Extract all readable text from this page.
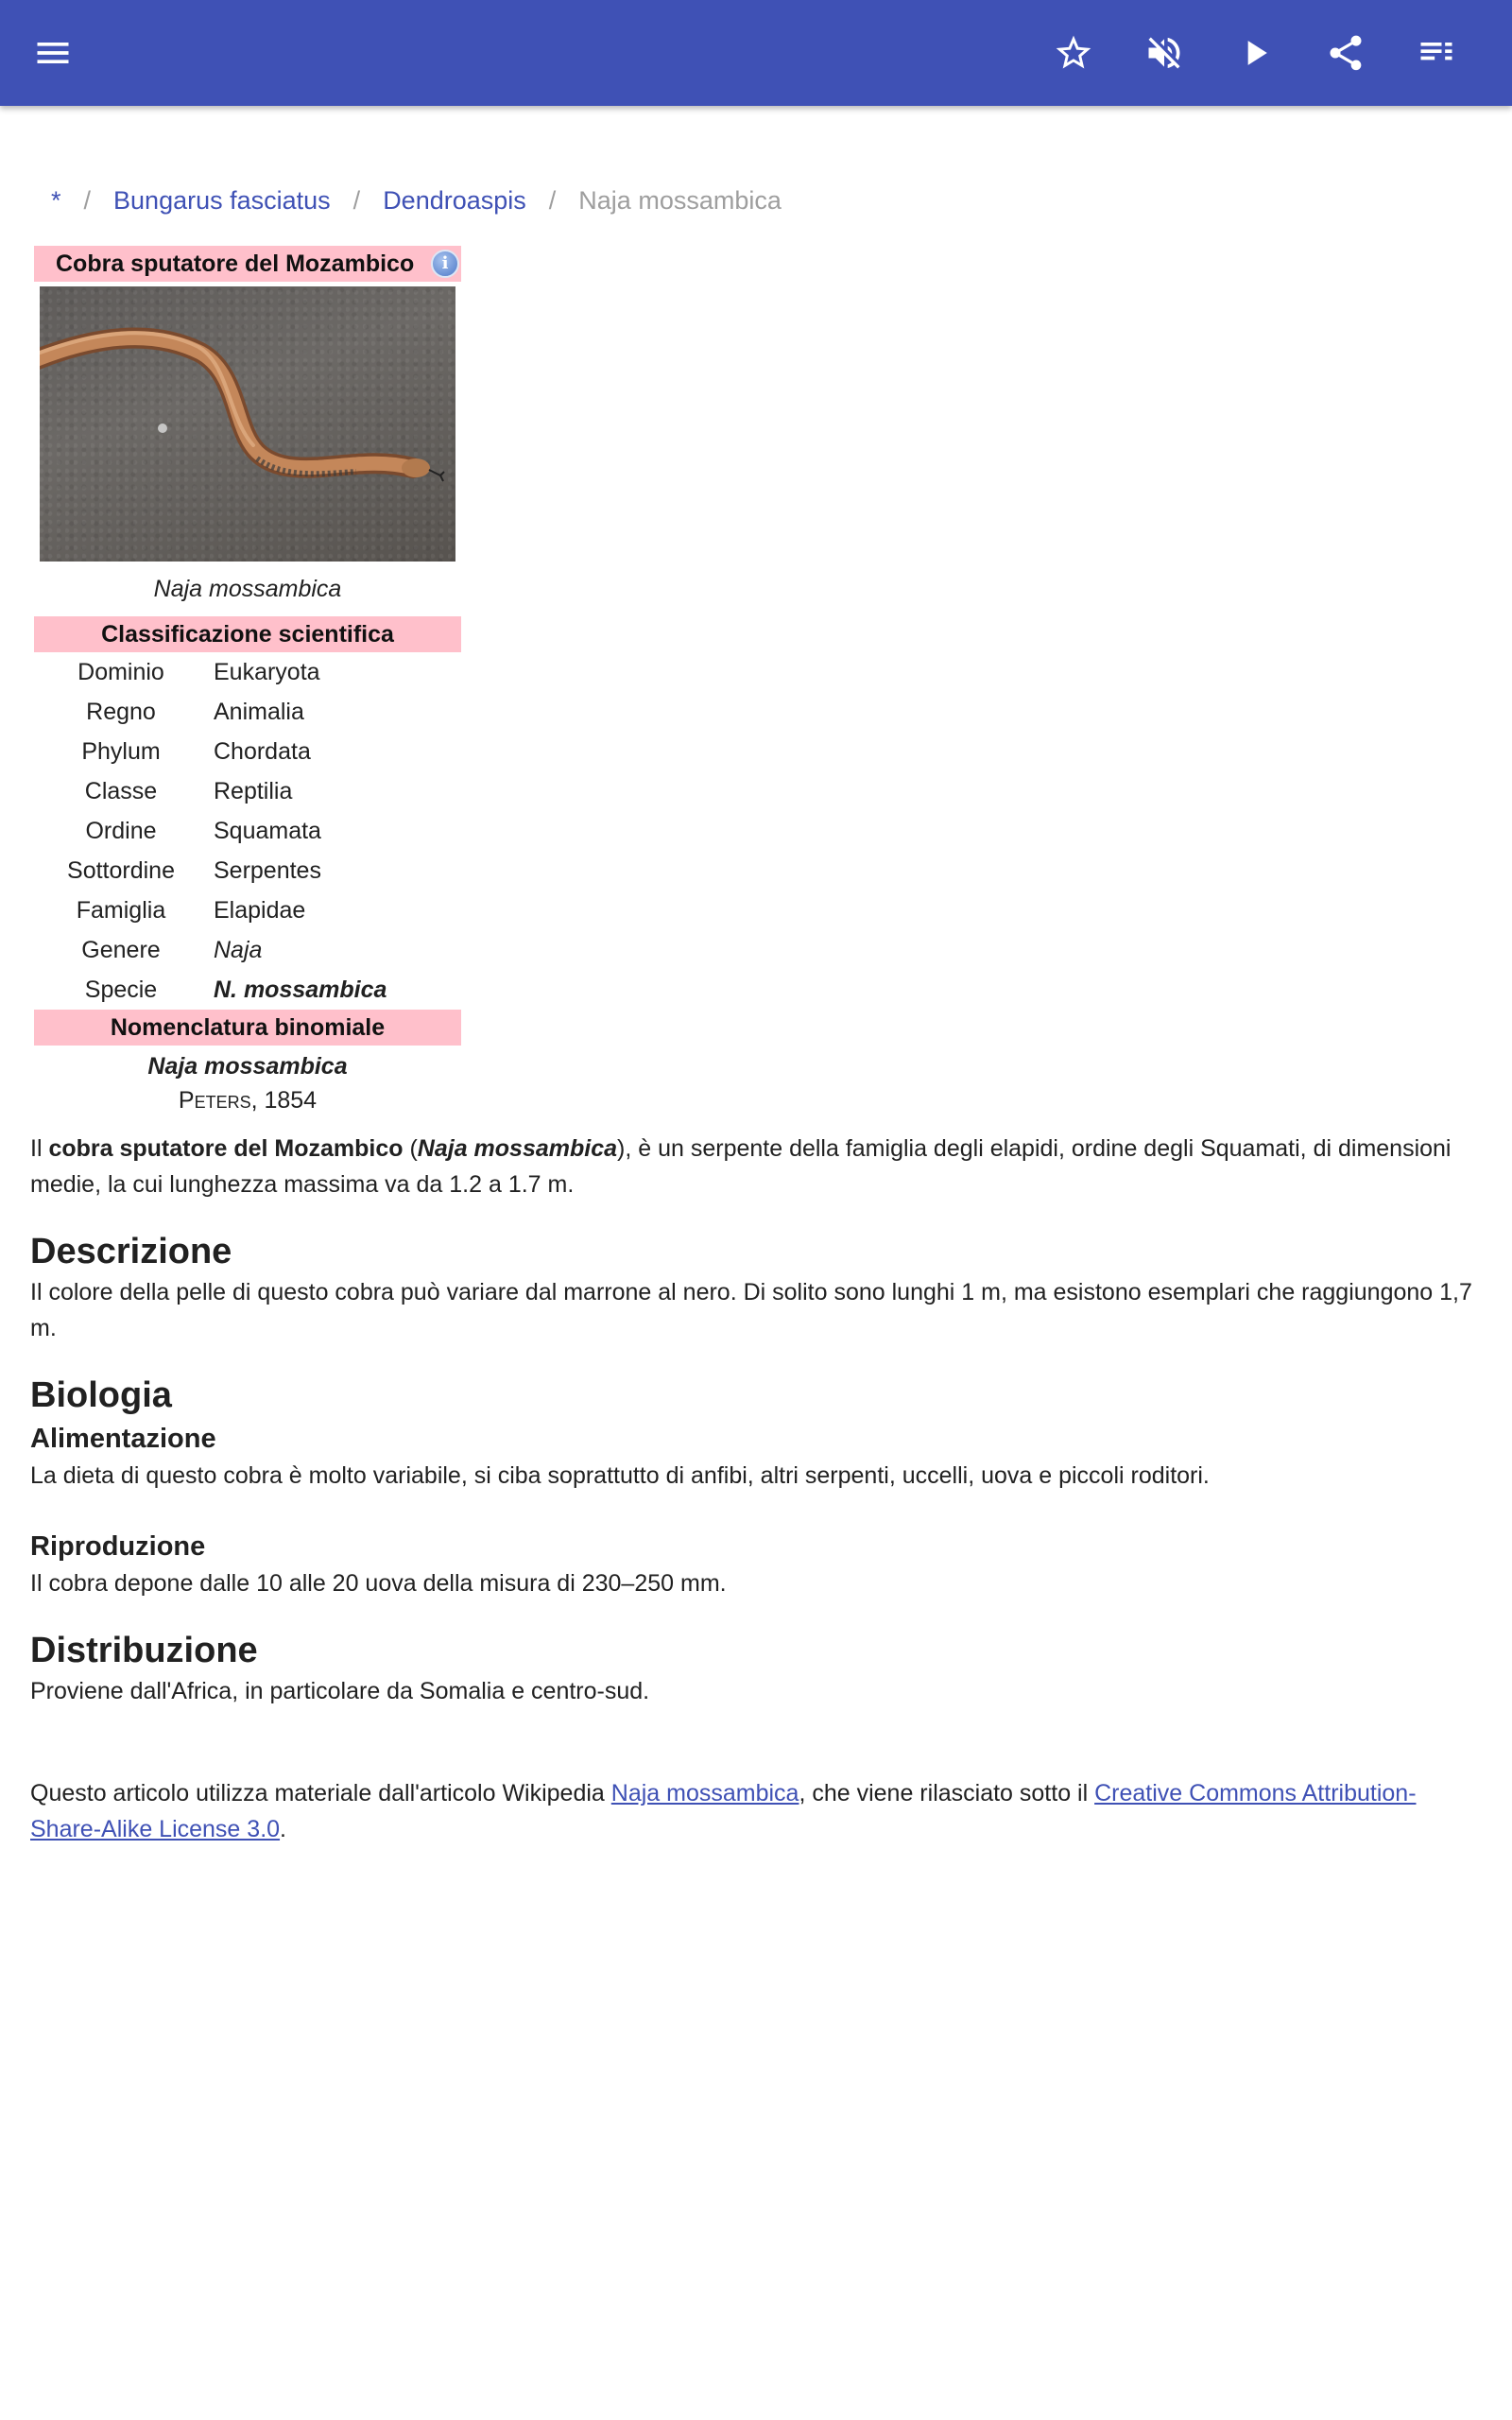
* / Bungarus fasciatus / Dendroaspis / Naja mossambica
Cobra sputatore del Mozambico	i
Naja mossambica
Classificazione scientifica
Dominio	Eukaryota
Regno	Animalia
Phylum	Chordata
Classe	Reptilia
Ordine	Squamata
Sottordine	Serpentes
Famiglia	Elapidae
Genere	Naja
Specie	N. mossambica
Nomenclatura binomiale
Naja mossambica
Peters, 1854

Il cobra sputatore del Mozambico (Naja mossambica), è un serpente della famiglia degli elapidi, ordine degli Squamati, di dimensioni medie, la cui lunghezza massima va da 1.2 a 1.7 m.

Descrizione

Il colore della pelle di questo cobra può variare dal marrone al nero. Di solito sono lunghi 1 m, ma esistono esemplari che raggiungono 1,7 m.

Biologia
Alimentazione

La dieta di questo cobra è molto variabile, si ciba soprattutto di anfibi, altri serpenti, uccelli, uova e piccoli roditori.

Riproduzione

Il cobra depone dalle 10 alle 20 uova della misura di 230–250 mm.

Distribuzione

Proviene dall'Africa, in particolare da Somalia e centro-sud.

Questo articolo utilizza materiale dall'articolo Wikipedia Naja mossambica, che viene rilasciato sotto il Creative Commons Attribution-Share-Alike License 3.0.
